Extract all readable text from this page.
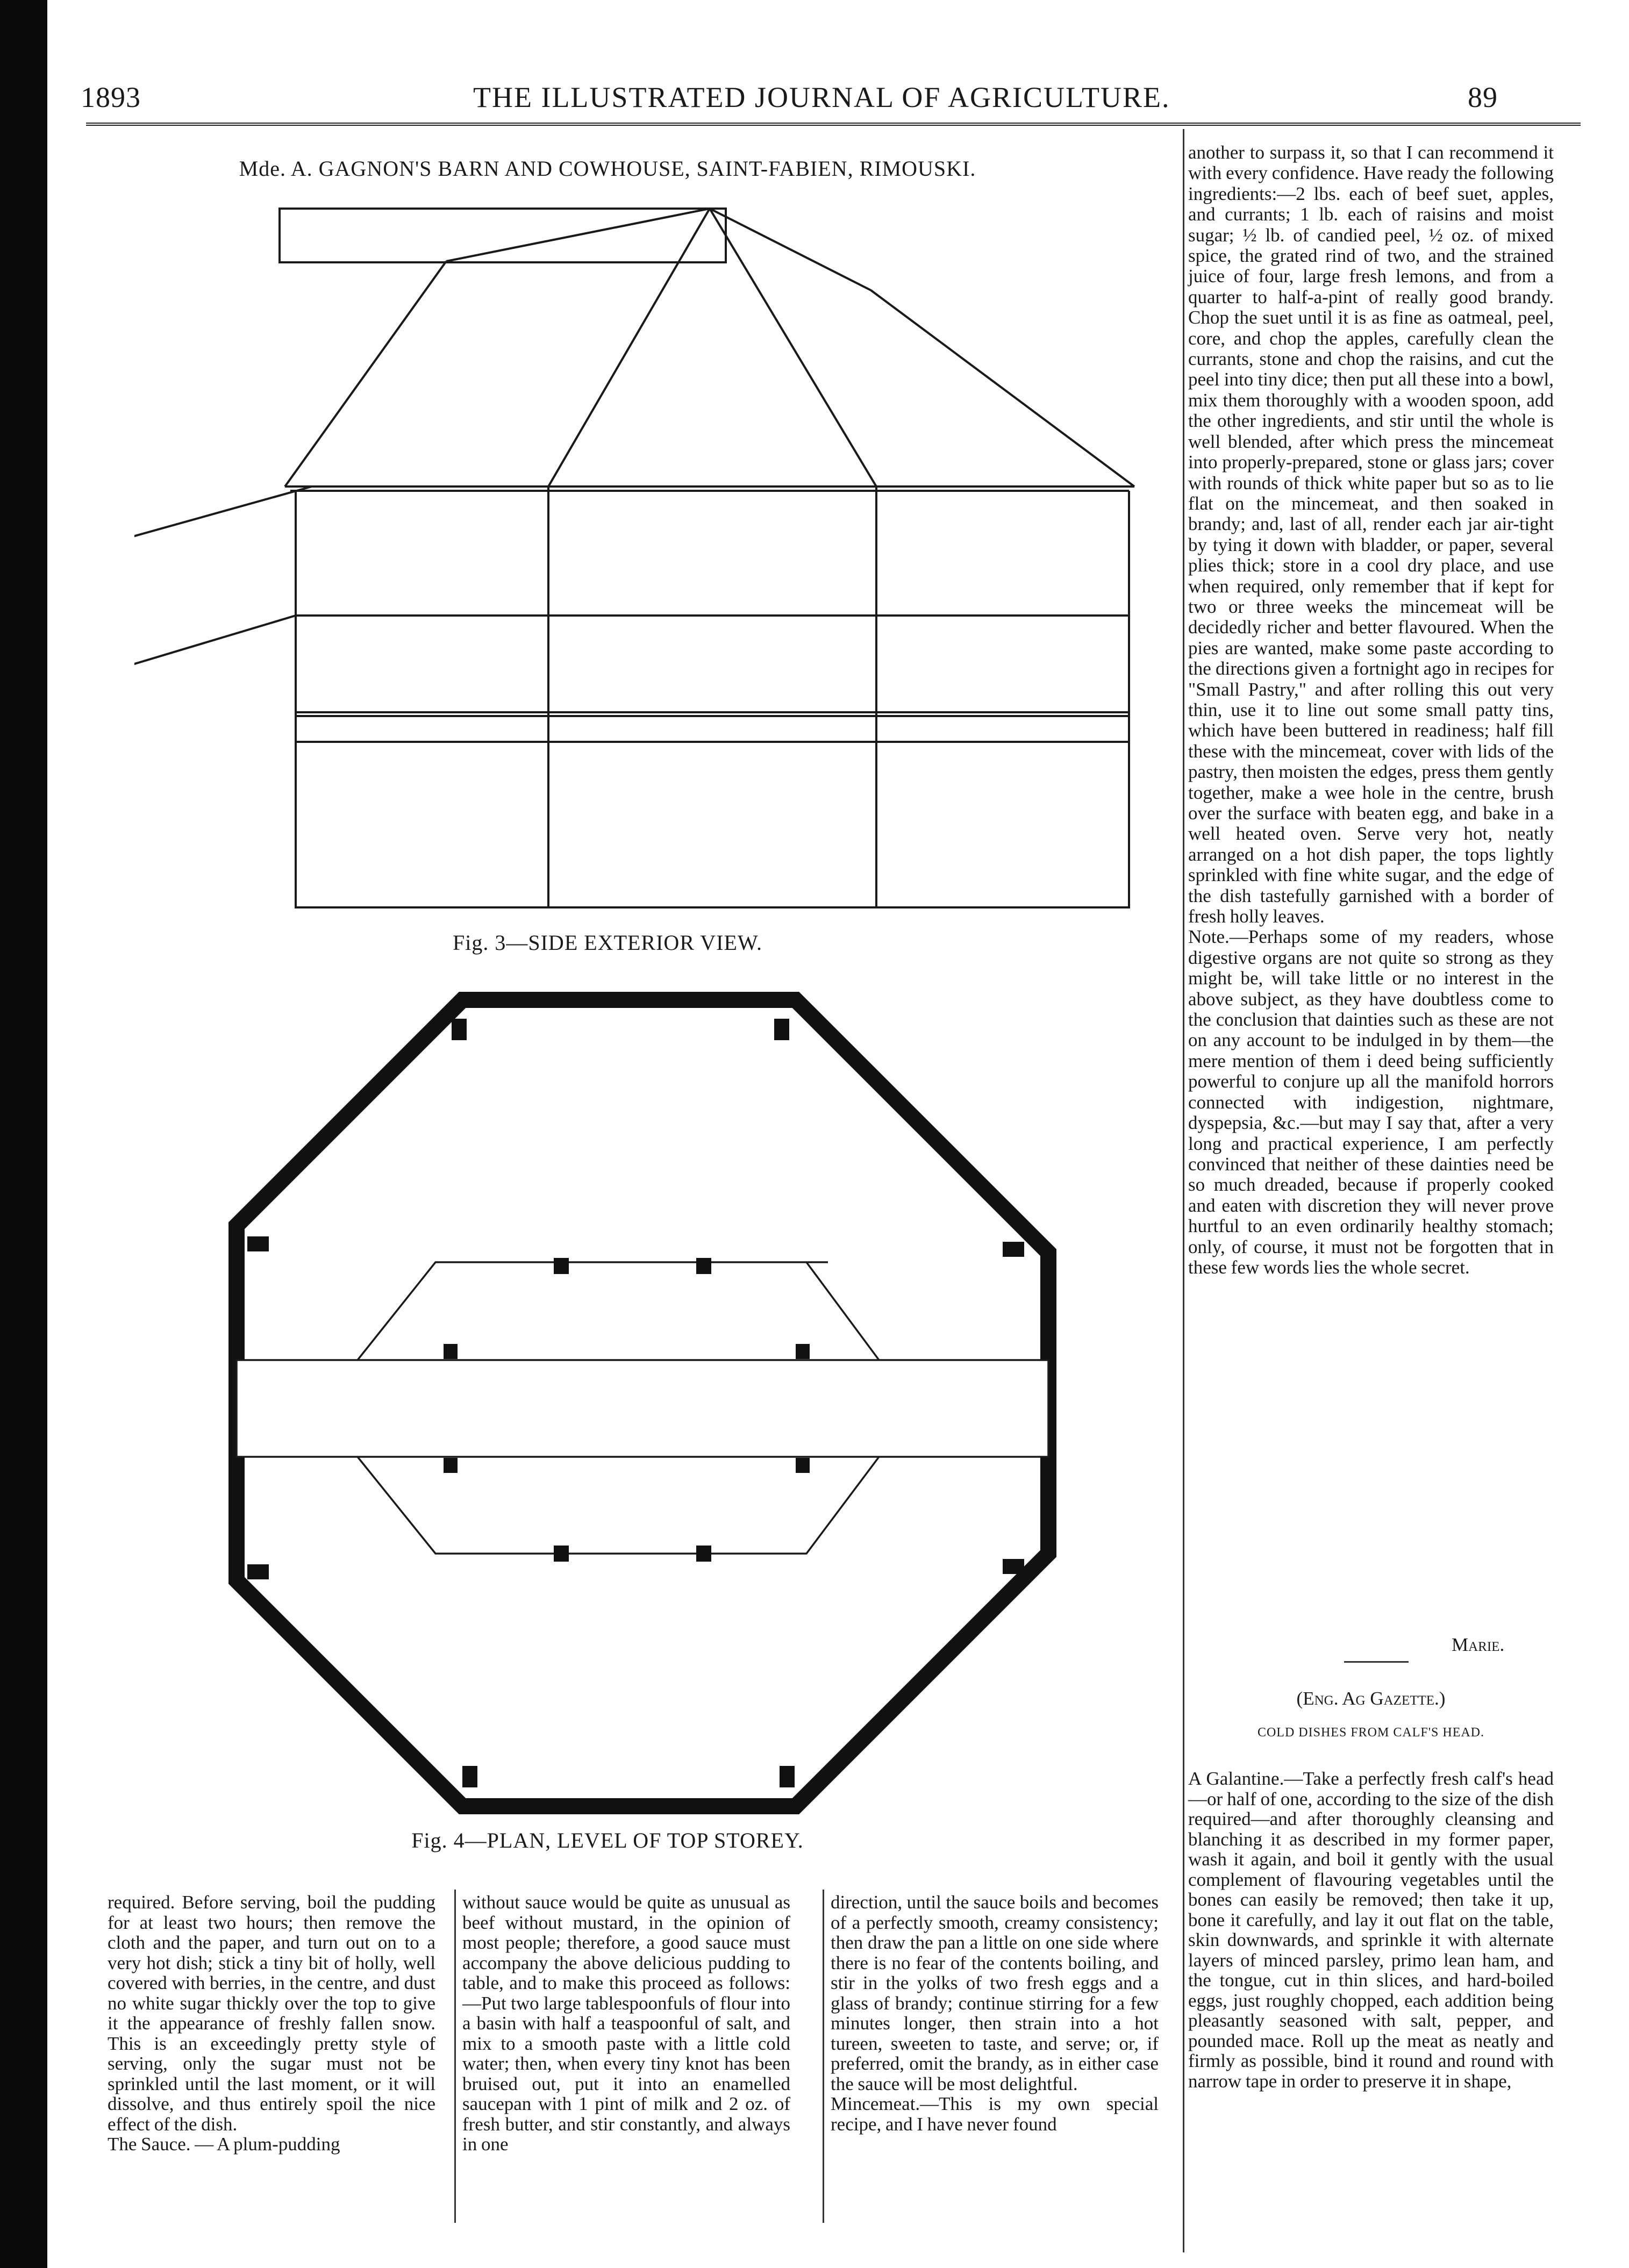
1893	THE ILLUSTRATED JOURNAL OF AGRICULTURE.	89
Mde. A. GAGNON'S BARN AND COWHOUSE, SAINT-FABIEN, RIMOUSKI.
Fig. 3—SIDE EXTERIOR VIEW.
Fig. 4—PLAN, LEVEL OF TOP STOREY.
another to surpass it, so that I can recommend it with every confidence. Have ready the following ingredients:—2 lbs. each of beef suet, apples, and currants; 1 lb. each of raisins and moist sugar; ½ lb. of candied peel, ½ oz. of mixed spice, the grated rind of two, and the strained juice of four, large fresh lemons, and from a quarter to half-a-pint of really good brandy. Chop the suet until it is as fine as oatmeal, peel, core, and chop the apples, carefully clean the currants, stone and chop the raisins, and cut the peel into tiny dice; then put all these into a bowl, mix them thoroughly with a wooden spoon, add the other ingredients, and stir until the whole is well blended, after which press the mincemeat into properly-prepared, stone or glass jars; cover with rounds of thick white paper but so as to lie flat on the mincemeat, and then soaked in brandy; and, last of all, render each jar air-tight by tying it down with bladder, or paper, several plies thick; store in a cool dry place, and use when required, only remember that if kept for two or three weeks the mincemeat will be decidedly richer and better flavoured. When the pies are wanted, make some paste according to the directions given a fortnight ago in recipes for "Small Pastry," and after rolling this out very thin, use it to line out some small patty tins, which have been buttered in readiness; half fill these with the mincemeat, cover with lids of the pastry, then moisten the edges, press them gently together, make a wee hole in the centre, brush over the surface with beaten egg, and bake in a well heated oven. Serve very hot, neatly arranged on a hot dish paper, the tops lightly sprinkled with fine white sugar, and the edge of the dish tastefully garnished with a border of fresh holly leaves.
Note.—Perhaps some of my readers, whose digestive organs are not quite so strong as they might be, will take little or no interest in the above subject, as they have doubtless come to the conclusion that dainties such as these are not on any account to be indulged in by them—the mere mention of them i deed being sufficiently powerful to conjure up all the manifold horrors connected with indigestion, nightmare, dyspepsia, &c.—but may I say that, after a very long and practical experience, I am perfectly convinced that neither of these dainties need be so much dreaded, because if properly cooked and eaten with discretion they will never prove hurtful to an even ordinarily healthy stomach; only, of course, it must not be forgotten that in these few words lies the whole secret.
Marie.
(Eng. Ag Gazette.)
COLD DISHES FROM CALF'S HEAD.
A Galantine.—Take a perfectly fresh calf's head—or half of one, according to the size of the dish required—and after thoroughly cleansing and blanching it as described in my former paper, wash it again, and boil it gently with the usual complement of flavouring vegetables until the bones can easily be removed; then take it up, bone it carefully, and lay it out flat on the table, skin downwards, and sprinkle it with alternate layers of minced parsley, primo lean ham, and the tongue, cut in thin slices, and hard-boiled eggs, just roughly chopped, each addition being pleasantly seasoned with salt, pepper, and pounded mace. Roll up the meat as neatly and firmly as possible, bind it round and round with narrow tape in order to preserve it in shape,
required. Before serving, boil the pudding for at least two hours; then remove the cloth and the paper, and turn out on to a very hot dish; stick a tiny bit of holly, well covered with berries, in the centre, and dust no white sugar thickly over the top to give it the appearance of freshly fallen snow. This is an exceedingly pretty style of serving, only the sugar must not be sprinkled until the last moment, or it will dissolve, and thus entirely spoil the nice effect of the dish.
The Sauce. — A plum-pudding
without sauce would be quite as unusual as beef without mustard, in the opinion of most people; therefore, a good sauce must accompany the above delicious pudding to table, and to make this proceed as follows:—Put two large tablespoonfuls of flour into a basin with half a teaspoonful of salt, and mix to a smooth paste with a little cold water; then, when every tiny knot has been bruised out, put it into an enamelled saucepan with 1 pint of milk and 2 oz. of fresh butter, and stir constantly, and always in one
direction, until the sauce boils and becomes of a perfectly smooth, creamy consistency; then draw the pan a little on one side where there is no fear of the contents boiling, and stir in the yolks of two fresh eggs and a glass of brandy; continue stirring for a few minutes longer, then strain into a hot tureen, sweeten to taste, and serve; or, if preferred, omit the brandy, as in either case the sauce will be most delightful.
Mincemeat.—This is my own special recipe, and I have never found
